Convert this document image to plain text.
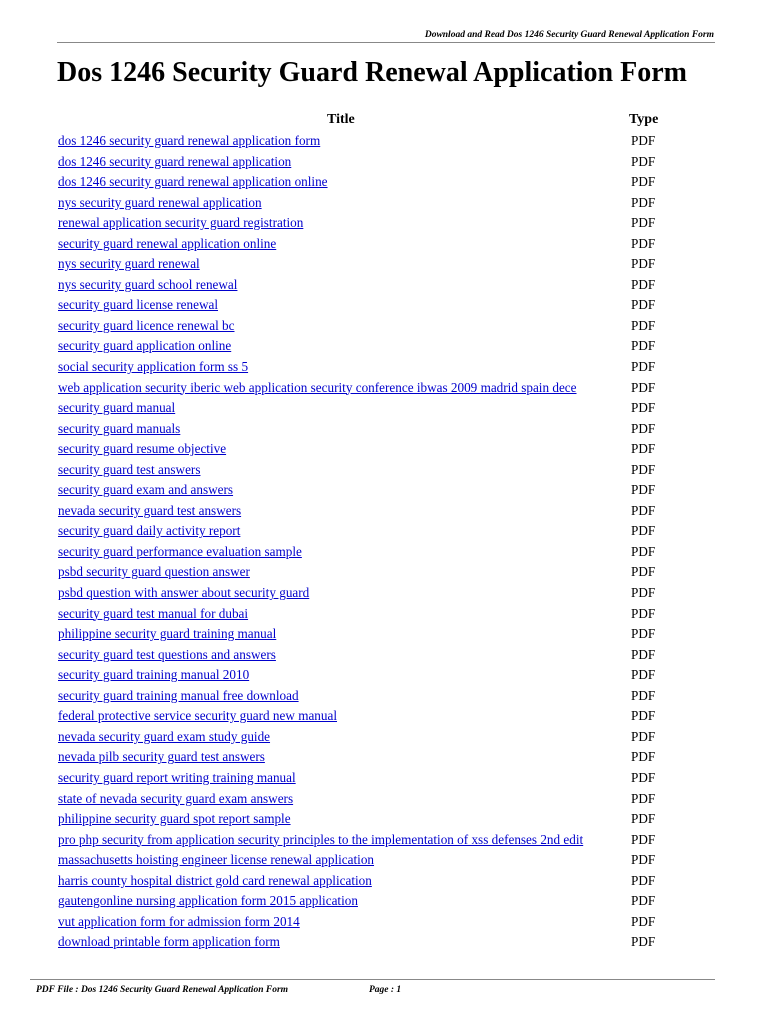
Download and Read Dos 1246 Security Guard Renewal Application Form
Dos 1246 Security Guard Renewal Application Form
Title	Type
dos 1246 security guard renewal application form	PDF
dos 1246 security guard renewal application	PDF
dos 1246 security guard renewal application online	PDF
nys security guard renewal application	PDF
renewal application security guard registration	PDF
security guard renewal application online	PDF
nys security guard renewal	PDF
nys security guard school renewal	PDF
security guard license renewal	PDF
security guard licence renewal bc	PDF
security guard application online	PDF
social security application form ss 5	PDF
web application security iberic web application security conference ibwas 2009 madrid spain dece	PDF
security guard manual	PDF
security guard manuals	PDF
security guard resume objective	PDF
security guard test answers	PDF
security guard exam and answers	PDF
nevada security guard test answers	PDF
security guard daily activity report	PDF
security guard performance evaluation sample	PDF
psbd security guard question answer	PDF
psbd question with answer about security guard	PDF
security guard test manual for dubai	PDF
philippine security guard training manual	PDF
security guard test questions and answers	PDF
security guard training manual 2010	PDF
security guard training manual free download	PDF
federal protective service security guard new manual	PDF
nevada security guard exam study guide	PDF
nevada pilb security guard test answers	PDF
security guard report writing training manual	PDF
state of nevada security guard exam answers	PDF
philippine security guard spot report sample	PDF
pro php security from application security principles to the implementation of xss defenses 2nd edit	PDF
massachusetts hoisting engineer license renewal application	PDF
harris county hospital district gold card renewal application	PDF
gautengonline nursing application form 2015 application	PDF
vut application form for admission form 2014	PDF
download printable form application form	PDF
PDF File : Dos 1246 Security Guard Renewal Application Form	Page : 1
